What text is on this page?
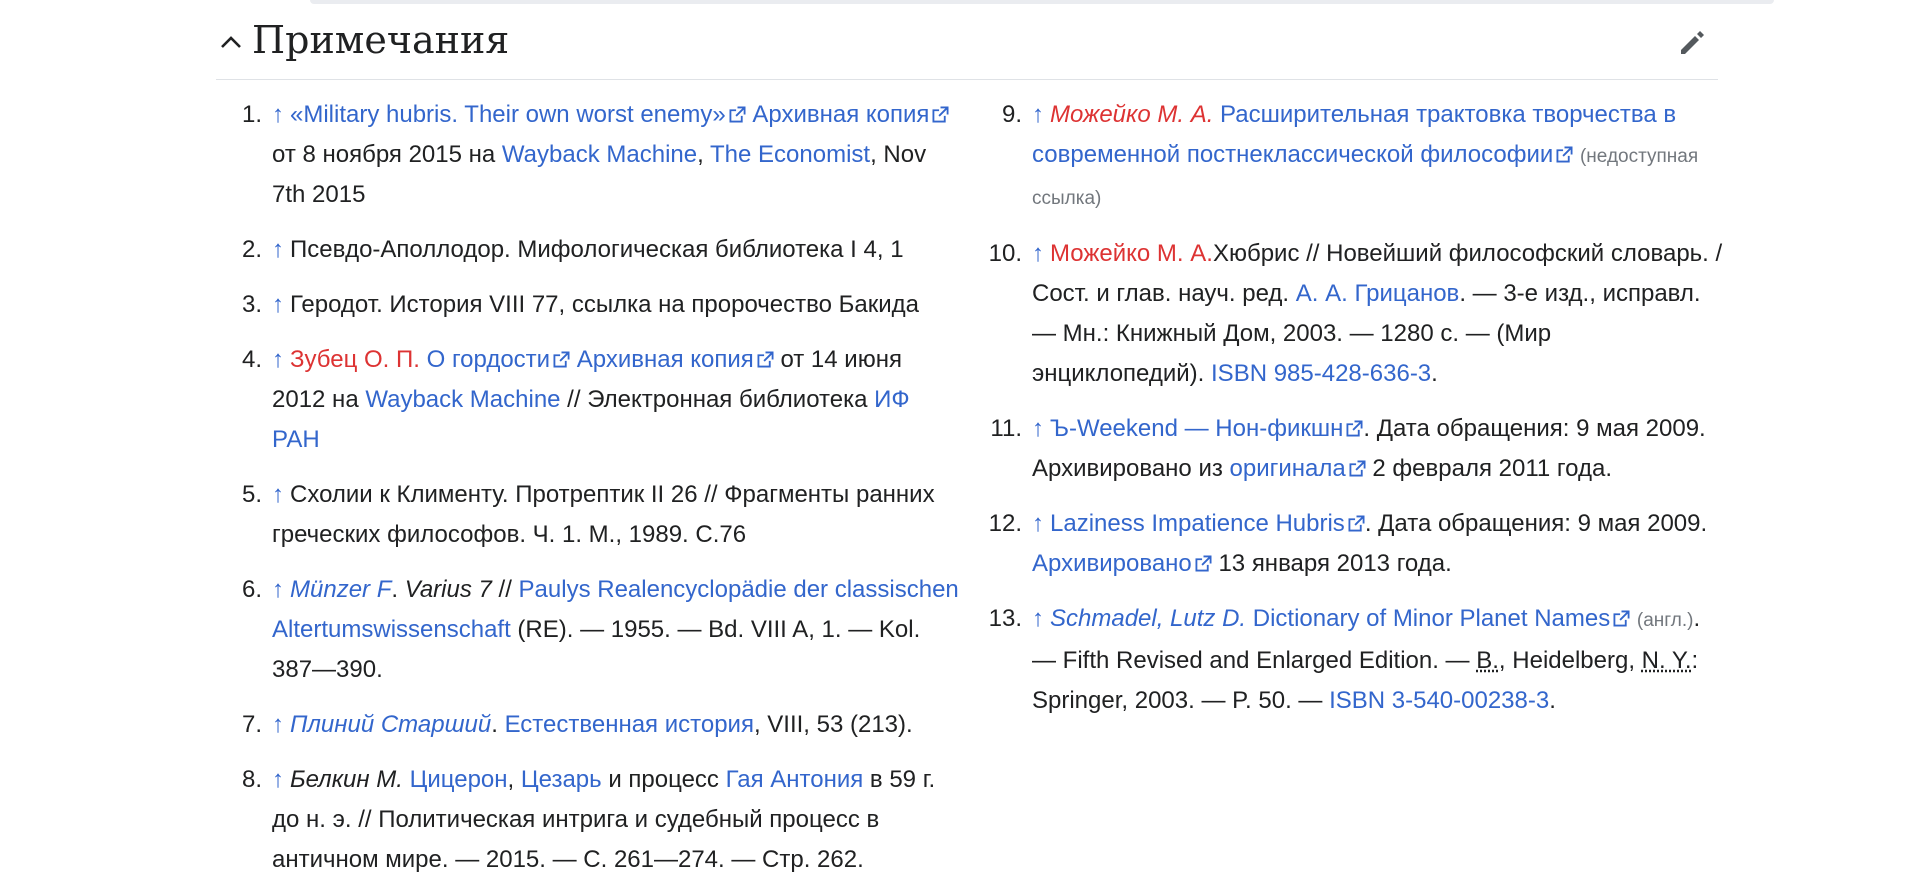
Примечания
1. ↑ «Military hubris. Their own worst enemy» Архивная копия от 8 ноября 2015 на Wayback Machine, The Economist, Nov 7th 2015
2. ↑ Псевдо-Аполлодор. Мифологическая библиотека I 4, 1
3. ↑ Геродот. История VIII 77, ссылка на пророчество Бакида
4. ↑ Зубец О. П. О гордости Архивная копия от 14 июня 2012 на Wayback Machine // Электронная библиотека ИФ РАН
5. ↑ Схолии к Клименту. Протрептик II 26 // Фрагменты ранних греческих философов. Ч. 1. М., 1989. С.76
6. ↑ Münzer F. Varius 7 // Paulys Realencyclopädie der classischen Altertumswissenschaft (RE). — 1955. — Bd. VIII A, 1. — Kol. 387—390.
7. ↑ Плиний Старший. Естественная история, VIII, 53 (213).
8. ↑ Белкин М. Цицерон, Цезарь и процесс Гая Антония в 59 г. до н. э. // Политическая интрига и судебный процесс в античном мире. — 2015. — С. 261—274. — Стр. 262.
9. ↑ Можейко М. А. Расширительная трактовка творчества в современной постнеклассической философии (недоступная ссылка)
10. ↑ Можейко М. А.Хюбрис // Новейший философский словарь. / Сост. и глав. науч. ред. А. А. Грицанов. — 3-е изд., исправл. — Мн.: Книжный Дом, 2003. — 1280 с. — (Мир энциклопедий). ISBN 985-428-636-3.
11. ↑ Ъ-Weekend — Нон-фикшн . Дата обращения: 9 мая 2009. Архивировано из оригинала 2 февраля 2011 года.
12. ↑ Laziness Impatience Hubris . Дата обращения: 9 мая 2009. Архивировано 13 января 2013 года.
13. ↑ Schmadel, Lutz D. Dictionary of Minor Planet Names (англ.). — Fifth Revised and Enlarged Edition. — B., Heidelberg, N. Y.: Springer, 2003. — P. 50. — ISBN 3-540-00238-3.
